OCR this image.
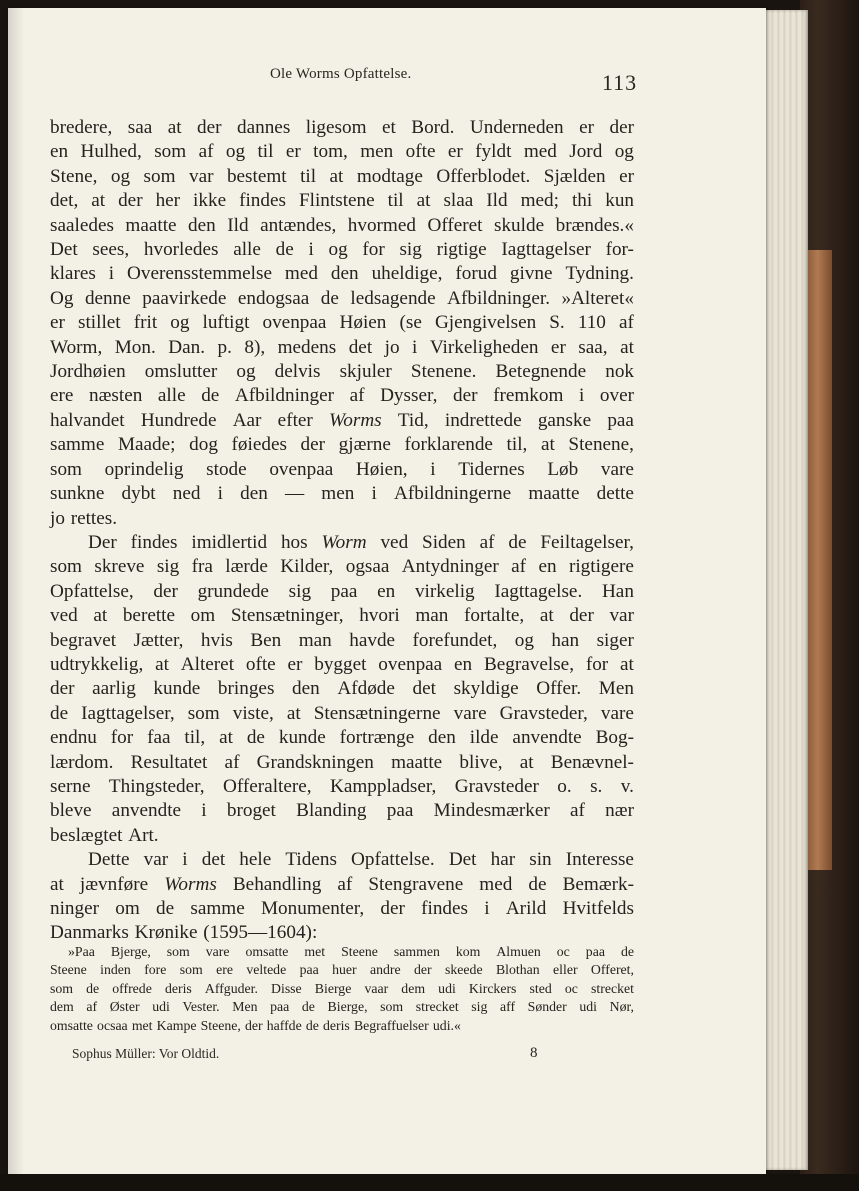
Ole Worms Opfattelse.	113
bredere, saa at der dannes ligesom et Bord. Underneden er der
en Hulhed, som af og til er tom, men ofte er fyldt med Jord og
Stene, og som var bestemt til at modtage Offerblodet. Sjælden er
det, at der her ikke findes Flintstene til at slaa Ild med; thi kun
saaledes maatte den Ild antændes, hvormed Offeret skulde brændes.«
Det sees, hvorledes alle de i og for sig rigtige Iagttagelser for-
klares i Overensstemmelse med den uheldige, forud givne Tydning.
Og denne paavirkede endogsaa de ledsagende Afbildninger. »Alteret«
er stillet frit og luftigt ovenpaa Høien (se Gjengivelsen S. 110 af
Worm, Mon. Dan. p. 8), medens det jo i Virkeligheden er saa, at
Jordhøien omslutter og delvis skjuler Stenene. Betegnende nok
ere næsten alle de Afbildninger af Dysser, der fremkom i over
halvandet Hundrede Aar efter Worms Tid, indrettede ganske paa
samme Maade; dog føiedes der gjærne forklarende til, at Stenene,
som oprindelig stode ovenpaa Høien, i Tidernes Løb vare
sunkne dybt ned i den — men i Afbildningerne maatte dette
jo rettes.
Der findes imidlertid hos Worm ved Siden af de Feiltagelser,
som skreve sig fra lærde Kilder, ogsaa Antydninger af en rigtigere
Opfattelse, der grundede sig paa en virkelig Iagttagelse. Han
ved at berette om Stensætninger, hvori man fortalte, at der var
begravet Jætter, hvis Ben man havde forefundet, og han siger
udtrykkelig, at Alteret ofte er bygget ovenpaa en Begravelse, for at
der aarlig kunde bringes den Afdøde det skyldige Offer. Men
de Iagttagelser, som viste, at Stensætningerne vare Gravsteder, vare
endnu for faa til, at de kunde fortrænge den ilde anvendte Bog-
lærdom. Resultatet af Grandskningen maatte blive, at Benævnel-
serne Thingsteder, Offeraltere, Kamppladser, Gravsteder o. s. v.
bleve anvendte i broget Blanding paa Mindesmærker af nær
beslægtet Art.
Dette var i det hele Tidens Opfattelse. Det har sin Interesse
at jævnføre Worms Behandling af Stengravene med de Bemærk-
ninger om de samme Monumenter, der findes i Arild Hvitfelds
Danmarks Krønike (1595—1604):
»Paa Bjerge, som vare omsatte met Steene sammen kom Almuen oc paa de
Steene inden fore som ere veltede paa huer andre der skeede Blothan eller Offeret,
som de offrede deris Affguder. Disse Bierge vaar dem udi Kirckers sted oc strecket
dem af Øster udi Vester. Men paa de Bierge, som strecket sig aff Sønder udi Nør,
omsatte ocsaa met Kampe Steene, der haffde de deris Begraffuelser udi.«
Sophus Müller: Vor Oldtid.	8
